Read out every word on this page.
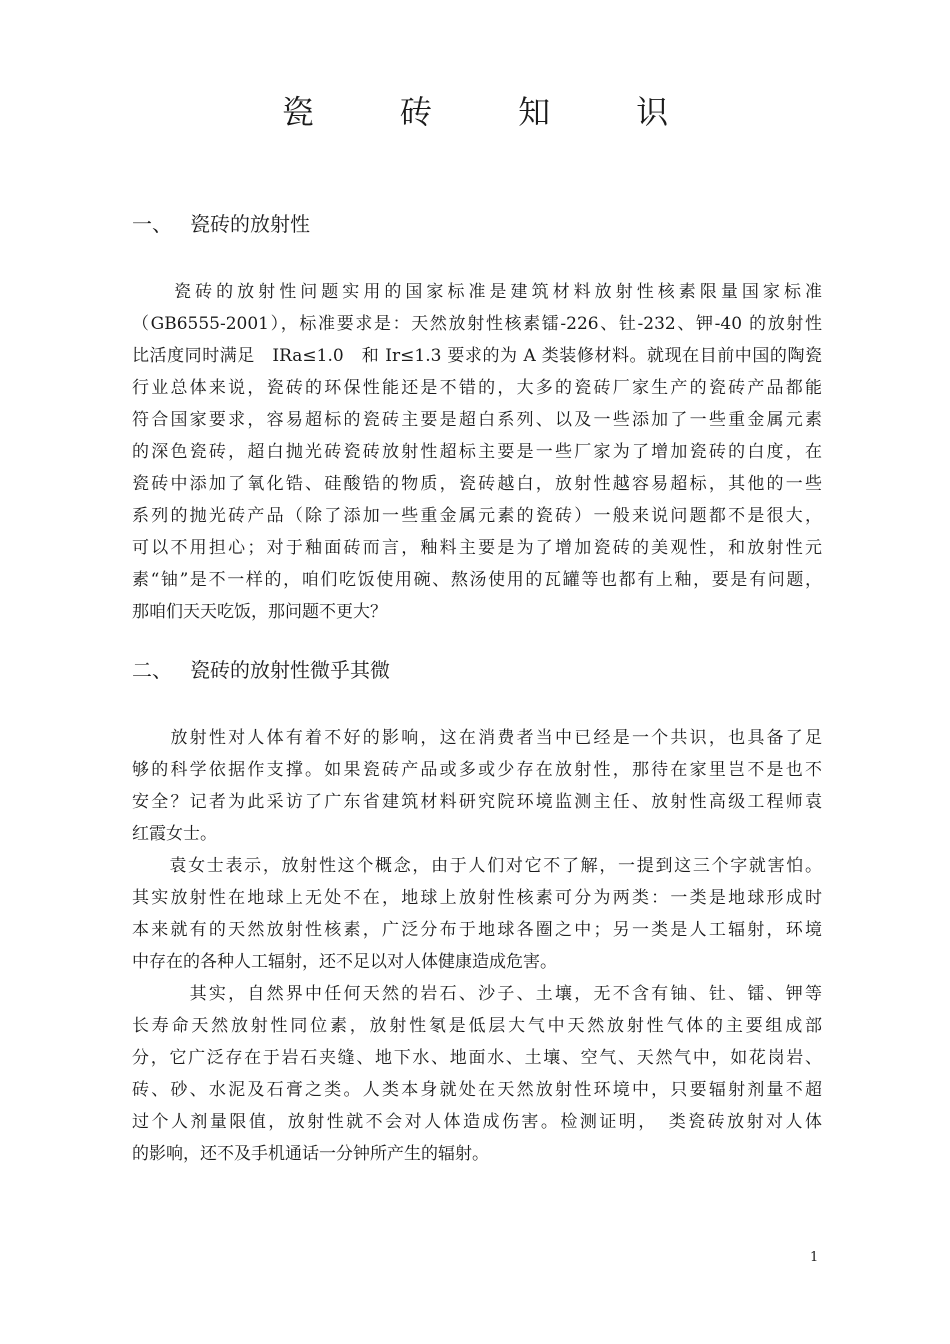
瓷 砖 知 识
一、 瓷砖的放射性
　　瓷砖的放射性问题实用的国家标准是建筑材料放射性核素限量国家标准
（GB6555-2001），标准要求是：天然放射性核素镭-226、钍-232、钾-40 的放射性
比活度同时满足　IRa≤1.0　和 Ir≤1.3 要求的为 A 类装修材料。就现在目前中国的陶瓷
行业总体来说，瓷砖的环保性能还是不错的，大多的瓷砖厂家生产的瓷砖产品都能
符合国家要求，容易超标的瓷砖主要是超白系列、以及一些添加了一些重金属元素
的深色瓷砖，超白抛光砖瓷砖放射性超标主要是一些厂家为了增加瓷砖的白度，在
瓷砖中添加了氧化锆、硅酸锆的物质，瓷砖越白，放射性越容易超标，其他的一些
系列的抛光砖产品（除了添加一些重金属元素的瓷砖）一般来说问题都不是很大，
可以不用担心；对于釉面砖而言，釉料主要是为了增加瓷砖的美观性，和放射性元
素“铀”是不一样的，咱们吃饭使用碗、熬汤使用的瓦罐等也都有上釉，要是有问题，
那咱们天天吃饭，那问题不更大？
二、 瓷砖的放射性微乎其微
　　放射性对人体有着不好的影响，这在消费者当中已经是一个共识，也具备了足
够的科学依据作支撑。如果瓷砖产品或多或少存在放射性，那待在家里岂不是也不
安全？记者为此采访了广东省建筑材料研究院环境监测主任、放射性高级工程师袁
红霞女士。
　　袁女士表示，放射性这个概念，由于人们对它不了解，一提到这三个字就害怕。
其实放射性在地球上无处不在，地球上放射性核素可分为两类：一类是地球形成时
本来就有的天然放射性核素，广泛分布于地球各圈之中；另一类是人工辐射，环境
中存在的各种人工辐射，还不足以对人体健康造成危害。
　　　其实，自然界中任何天然的岩石、沙子、土壤，无不含有铀、钍、镭、钾等
长寿命天然放射性同位素，放射性氡是低层大气中天然放射性气体的主要组成部
分，它广泛存在于岩石夹缝、地下水、地面水、土壤、空气、天然气中，如花岗岩、
砖、砂、水泥及石膏之类。人类本身就处在天然放射性环境中，只要辐射剂量不超
过个人剂量限值，放射性就不会对人体造成伤害。检测证明，　类瓷砖放射对人体
的影响，还不及手机通话一分钟所产生的辐射。
1
